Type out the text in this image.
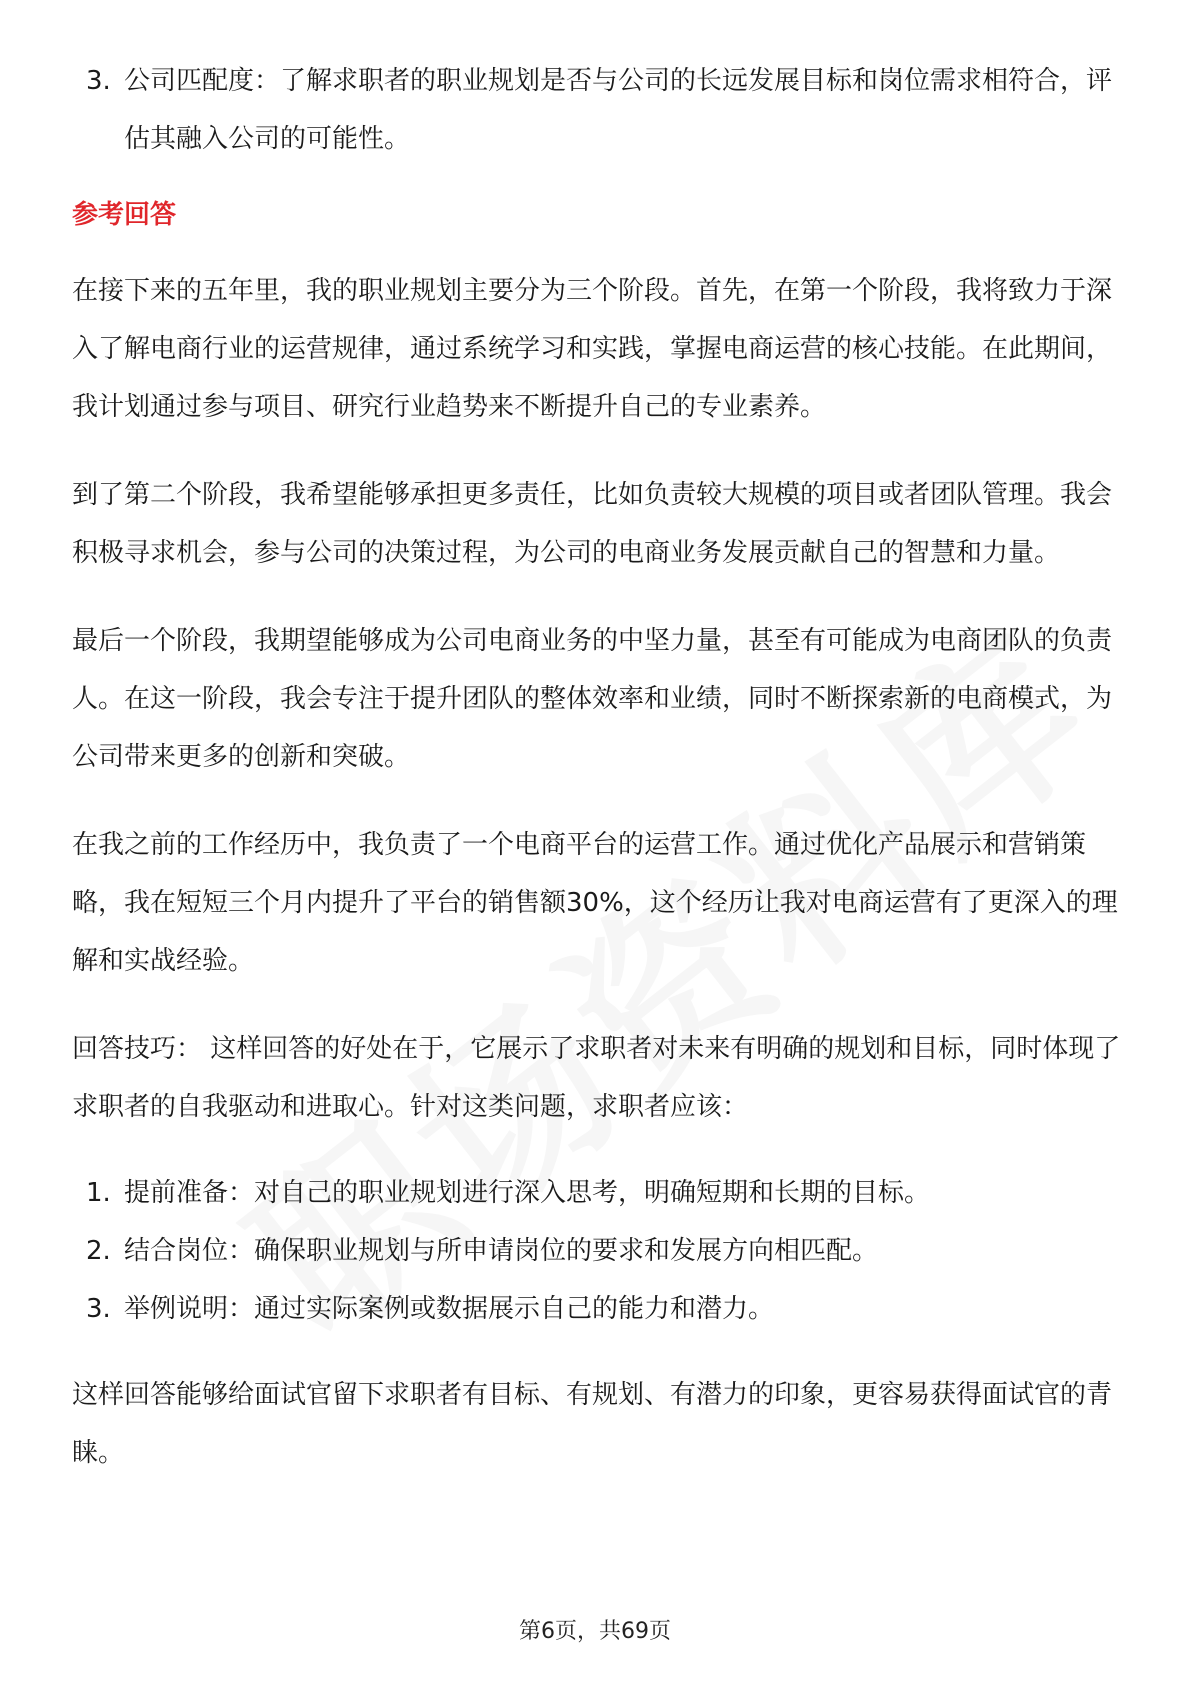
3. 公司匹配度：了解求职者的职业规划是否与公司的长远发展目标和岗位需求相符合，评估其融入公司的可能性。

参考回答

在接下来的五年里，我的职业规划主要分为三个阶段。首先，在第一个阶段，我将致力于深入了解电商行业的运营规律，通过系统学习和实践，掌握电商运营的核心技能。在此期间，我计划通过参与项目、研究行业趋势来不断提升自己的专业素养。

到了第二个阶段，我希望能够承担更多责任，比如负责较大规模的项目或者团队管理。我会积极寻求机会，参与公司的决策过程，为公司的电商业务发展贡献自己的智慧和力量。

最后一个阶段，我期望能够成为公司电商业务的中坚力量，甚至有可能成为电商团队的负责人。在这一阶段，我会专注于提升团队的整体效率和业绩，同时不断探索新的电商模式，为公司带来更多的创新和突破。

在我之前的工作经历中，我负责了一个电商平台的运营工作。通过优化产品展示和营销策略，我在短短三个月内提升了平台的销售额30%，这个经历让我对电商运营有了更深入的理解和实战经验。

回答技巧： 这样回答的好处在于，它展示了求职者对未来有明确的规划和目标，同时体现了求职者的自我驱动和进取心。针对这类问题，求职者应该：

1. 提前准备：对自己的职业规划进行深入思考，明确短期和长期的目标。
2. 结合岗位：确保职业规划与所申请岗位的要求和发展方向相匹配。
3. 举例说明：通过实际案例或数据展示自己的能力和潜力。

这样回答能够给面试官留下求职者有目标、有规划、有潜力的印象，更容易获得面试官的青睐。

第6页，共69页
